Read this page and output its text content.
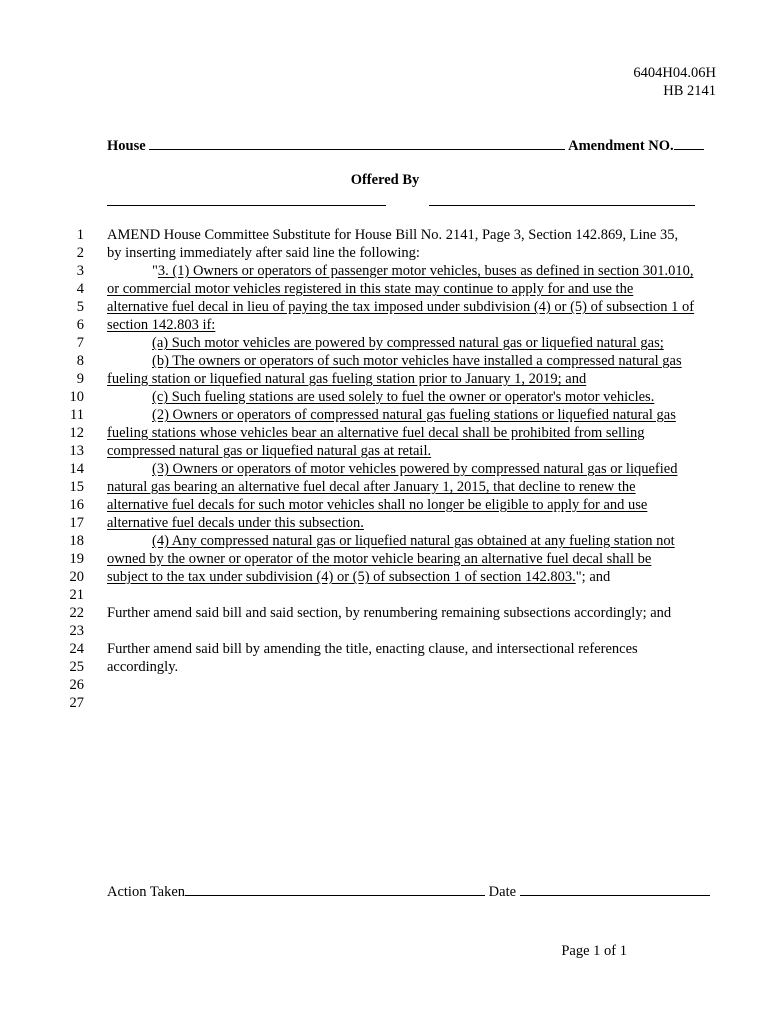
6404H04.06H
HB 2141
House	Amendment NO.
Offered By
1
2
3
4
5
6
7
8
9
10
11
12
13
14
15
16
17
18
19
20
21
22
23
24
25
26
27
AMEND House Committee Substitute for House Bill No. 2141, Page 3, Section 142.869, Line 35,
by inserting immediately after said line the following:
"3. (1) Owners or operators of passenger motor vehicles, buses as defined in section 301.010,
or commercial motor vehicles registered in this state may continue to apply for and use the
alternative fuel decal in lieu of paying the tax imposed under subdivision (4) or (5) of subsection 1 of
section 142.803 if:
(a) Such motor vehicles are powered by compressed natural gas or liquefied natural gas;
(b) The owners or operators of such motor vehicles have installed a compressed natural gas
fueling station or liquefied natural gas fueling station prior to January 1, 2019; and
(c) Such fueling stations are used solely to fuel the owner or operator's motor vehicles.
(2) Owners or operators of compressed natural gas fueling stations or liquefied natural gas
fueling stations whose vehicles bear an alternative fuel decal shall be prohibited from selling
compressed natural gas or liquefied natural gas at retail.
(3) Owners or operators of motor vehicles powered by compressed natural gas or liquefied
natural gas bearing an alternative fuel decal after January 1, 2015, that decline to renew the
alternative fuel decals for such motor vehicles shall no longer be eligible to apply for and use
alternative fuel decals under this subsection.
(4) Any compressed natural gas or liquefied natural gas obtained at any fueling station not
owned by the owner or operator of the motor vehicle bearing an alternative fuel decal shall be
subject to the tax under subdivision (4) or (5) of subsection 1 of section 142.803."; and
Further amend said bill and said section, by renumbering remaining subsections accordingly; and
Further amend said bill by amending the title, enacting clause, and intersectional references
accordingly.
Action Taken	Date
Page 1 of 1
